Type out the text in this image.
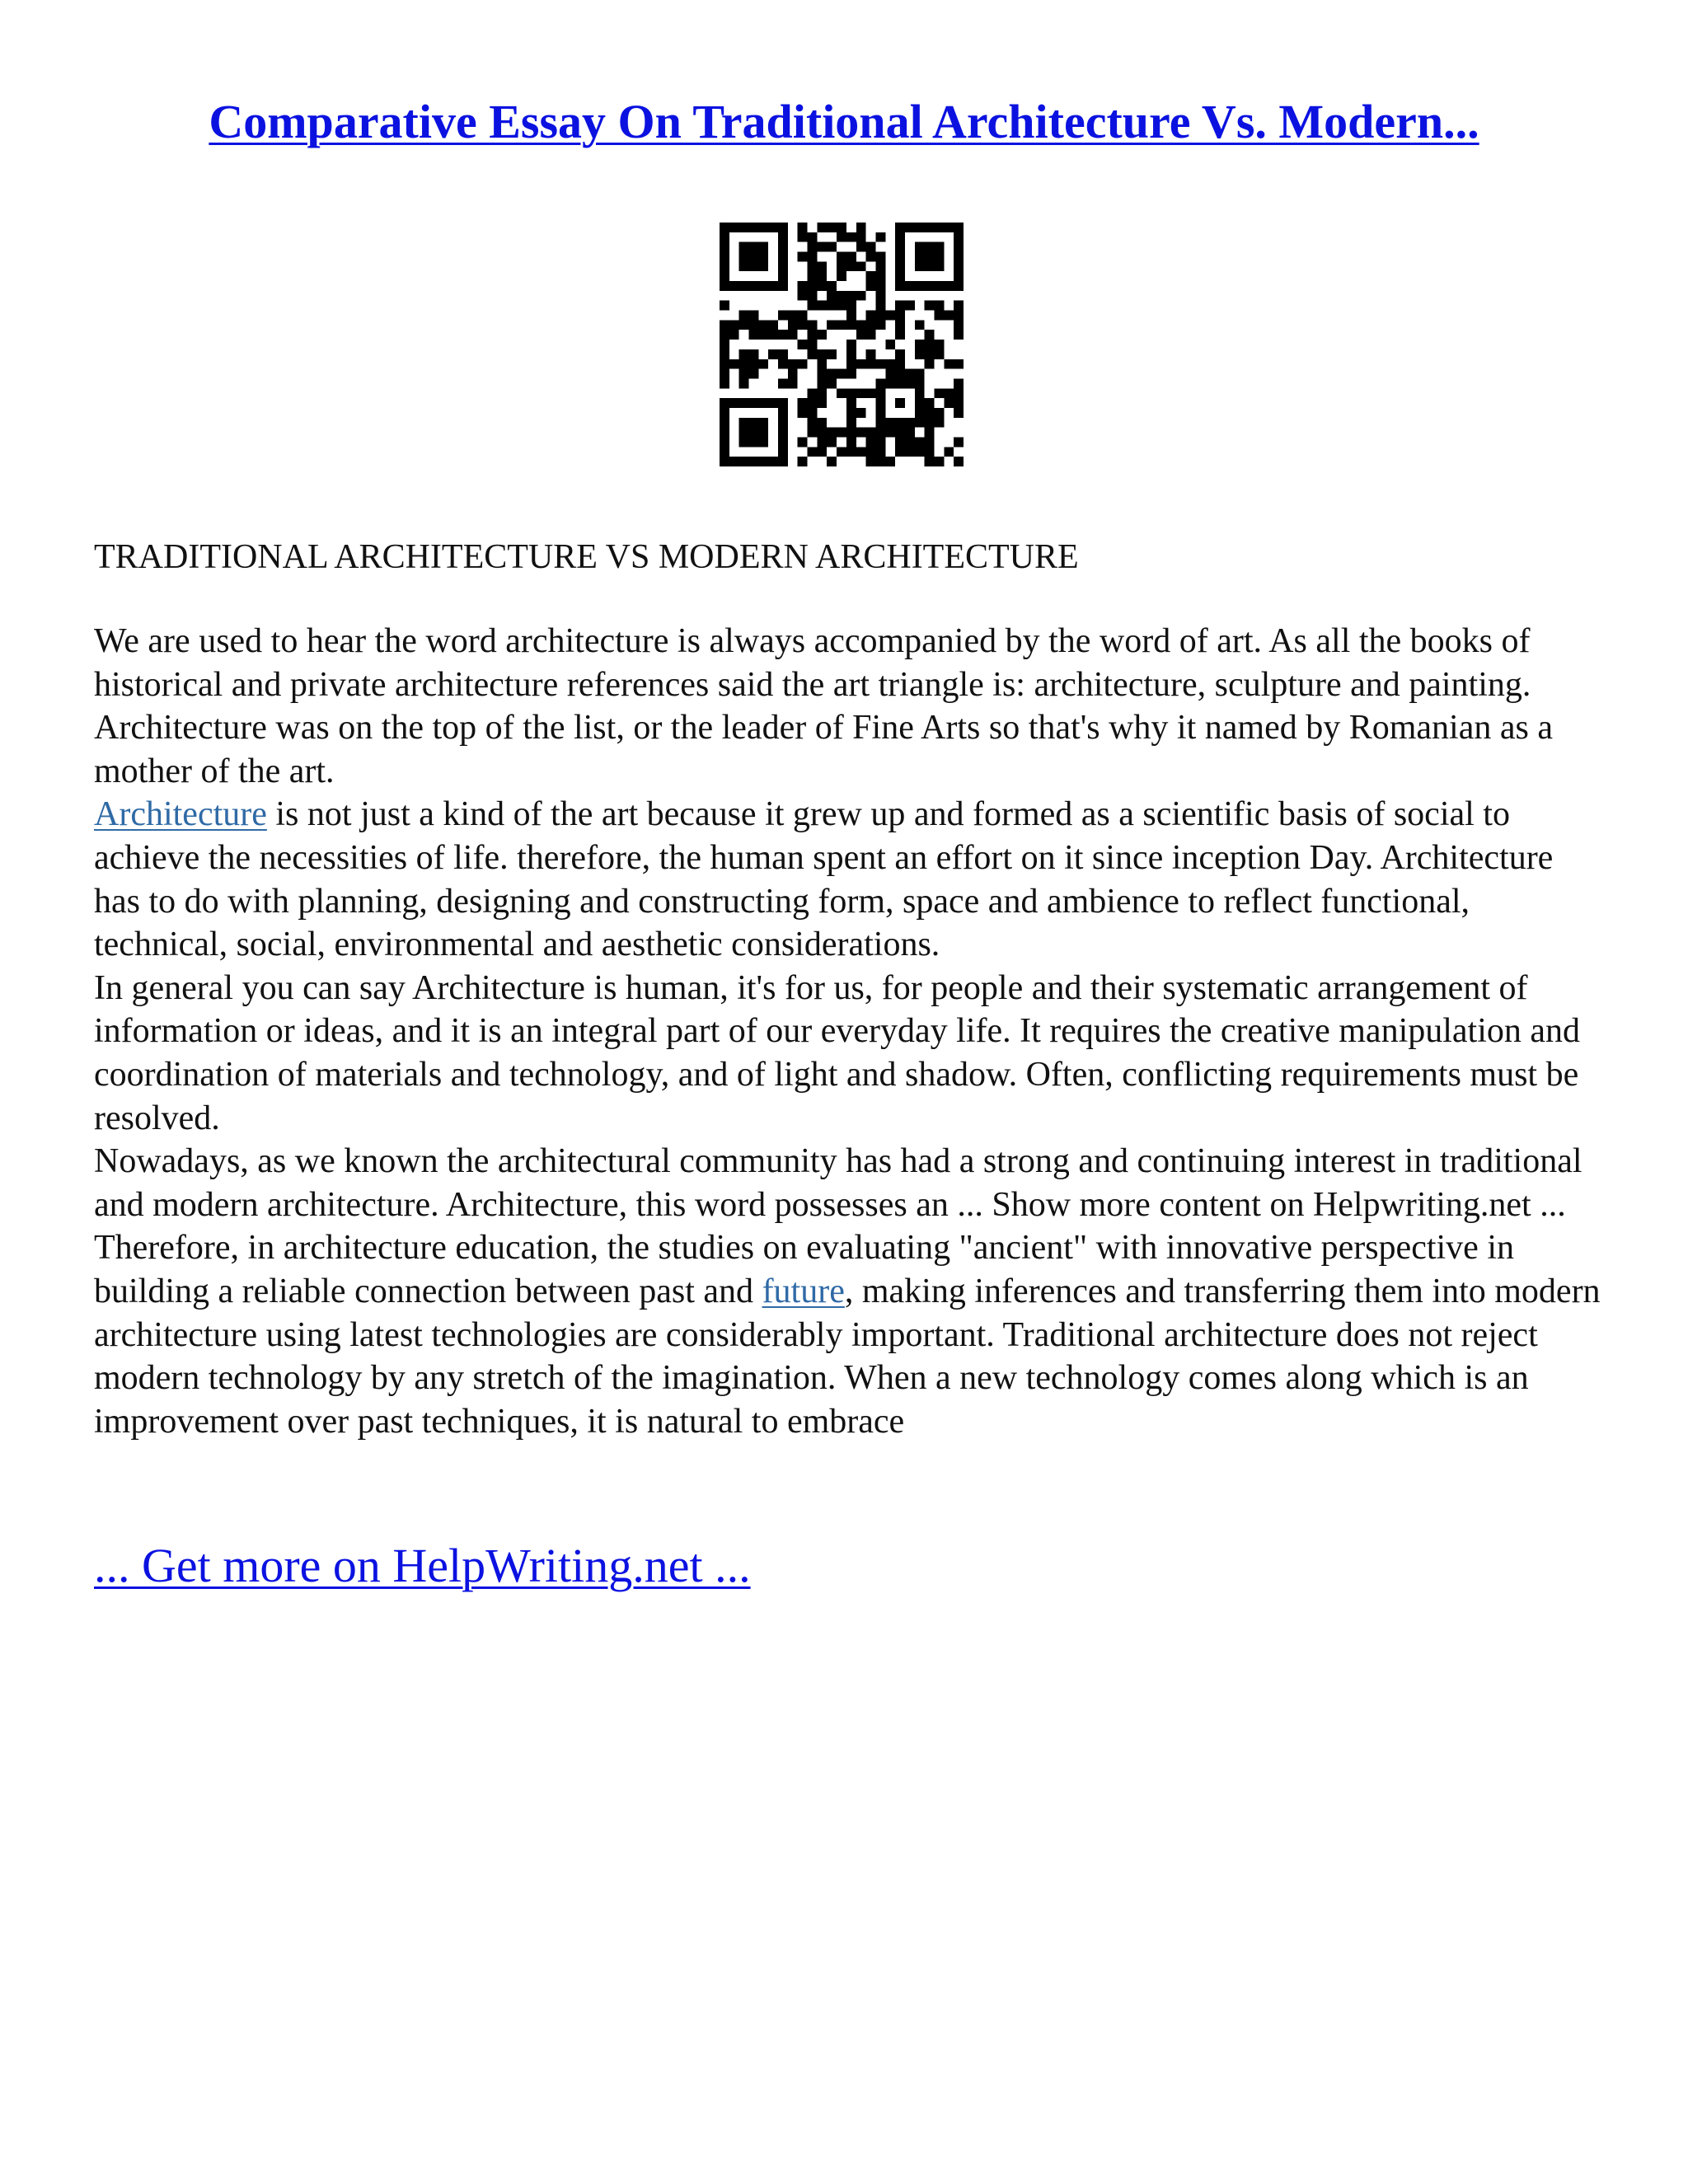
Comparative Essay On Traditional Architecture Vs. Modern...
TRADITIONAL ARCHITECTURE VS MODERN ARCHITECTURE

We are used to hear the word architecture is always accompanied by the word of art. As all the books of historical and private architecture references said the art triangle is: architecture, sculpture and painting. Architecture was on the top of the list, or the leader of Fine Arts so that's why it named by Romanian as a mother of the art.

Architecture is not just a kind of the art because it grew up and formed as a scientific basis of social to achieve the necessities of life. therefore, the human spent an effort on it since inception Day. Architecture has to do with planning, designing and constructing form, space and ambience to reflect functional, technical, social, environmental and aesthetic considerations.

In general you can say Architecture is human, it's for us, for people and their systematic arrangement of information or ideas, and it is an integral part of our everyday life. It requires the creative manipulation and coordination of materials and technology, and of light and shadow. Often, conflicting requirements must be resolved.

Nowadays, as we known the architectural community has had a strong and continuing interest in traditional and modern architecture. Architecture, this word possesses an ... Show more content on Helpwriting.net ...

Therefore, in architecture education, the studies on evaluating "ancient" with innovative perspective in building a reliable connection between past and future, making inferences and transferring them into modern architecture using latest technologies are considerably important. Traditional architecture does not reject modern technology by any stretch of the imagination. When a new technology comes along which is an improvement over past techniques, it is natural to embrace

... Get more on HelpWriting.net ...
